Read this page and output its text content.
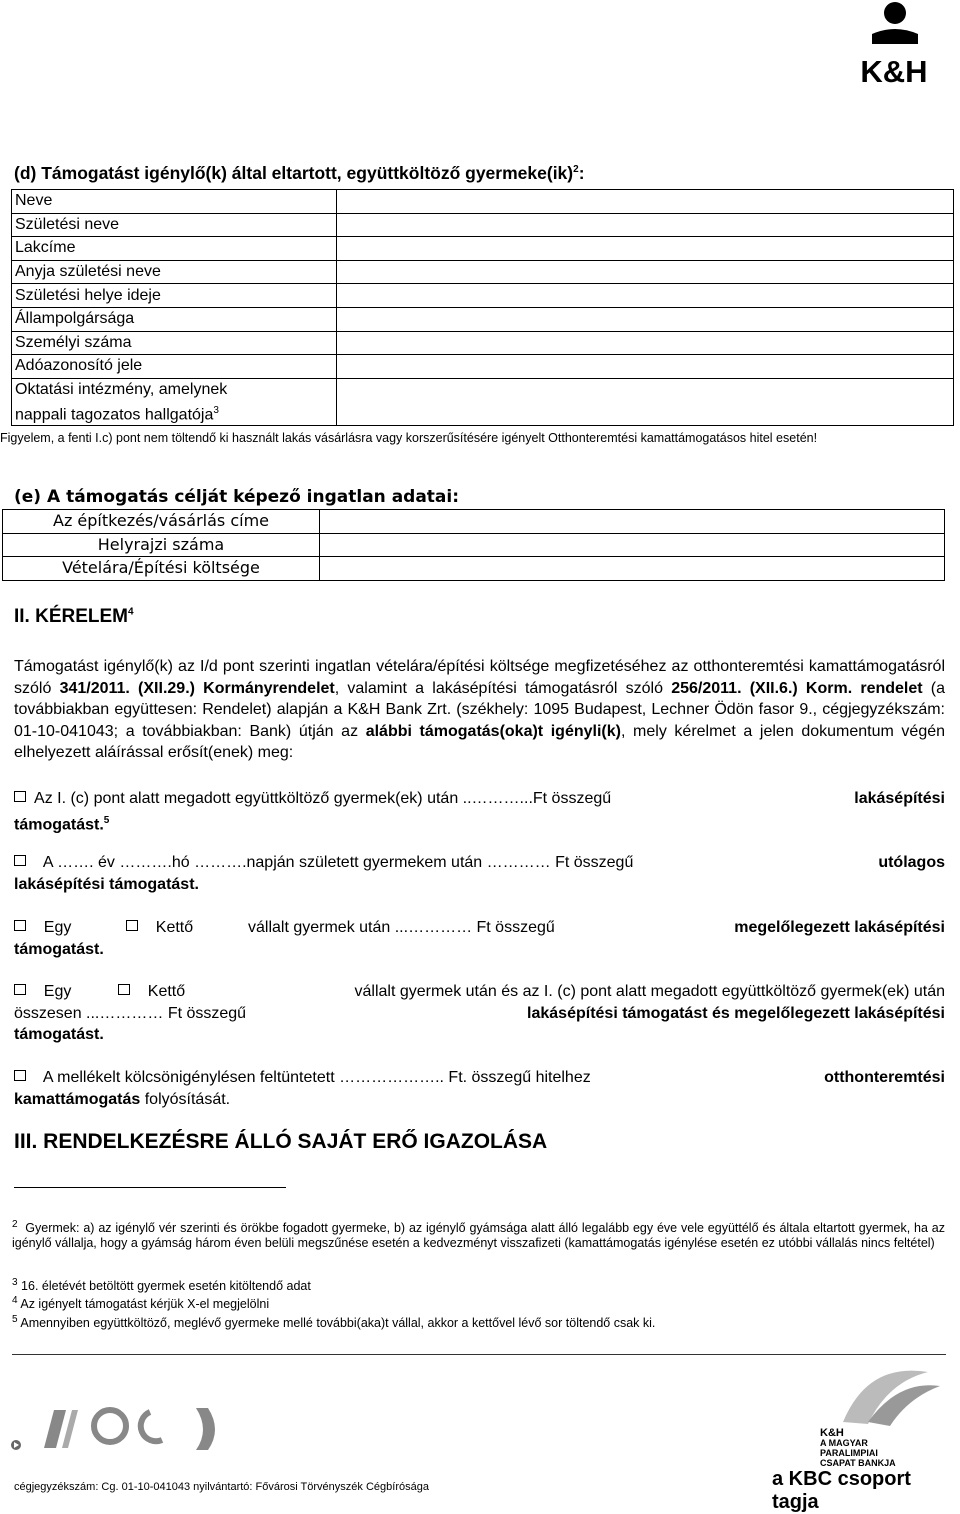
K&H
(d) Támogatást igénylő(k) által eltartott, együttköltöző gyermeke(ik)$^2$:
Neve	
Születési neve	
Lakcíme	
Anyja születési neve	
Születési helye ideje	
Állampolgársága	
Személyi száma	
Adóazonosító jele	
Oktatási intézmény, amelynek
nappali tagozatos hallgatója$^3$	
Figyelem, a fenti I.c) pont nem töltendő ki használt lakás vásárlásra vagy korszerűsítésére igényelt Otthonteremtési kamattámogatásos hitel esetén!
(e) A támogatás célját képező ingatlan adatai:
Az építkezés/vásárlás címe	
Helyrajzi száma	
Vételára/Építési költsége	
II. KÉRELEM$^4$
Támogatást igénylő(k) az I/d pont szerinti ingatlan vételára/építési költsége megfizetéséhez az otthonteremtési kamattámogatásról szóló 341/2011. (XII.29.) Kormányrendelet, valamint a lakásépítési támogatásról szóló 256/2011. (XII.6.) Korm. rendelet (a továbbiakban együttesen: Rendelet) alapján a K&H Bank Zrt. (székhely: 1095 Budapest, Lechner Ödön fasor 9., cégjegyzékszám: 01-10-041043; a továbbiakban: Bank) útján az alábbi támogatás(oka)t igényli(k), mely kérelmet a jelen dokumentum végén elhelyezett aláírással erősít(enek) meg:
Az I. (c) pont alatt megadott együttköltöző gyermek(ek) után ..………...Ft összegű	lakásépítési
támogatást.$^5$
A ……. év ……….hó ……….napján született gyermekem után ………… Ft összegű	utólagos
lakásépítési támogatást.
Egy	Kettő	vállalt gyermek után ...………… Ft összegű	megelőlegezett lakásépítési
támogatást.
Egy	Kettő	vállalt gyermek után és az I. (c) pont alatt megadott együttköltöző gyermek(ek) után
összesen ...………… Ft összegű	lakásépítési támogatást és megelőlegezett lakásépítési
támogatást.
A mellékelt kölcsönigénylésen feltüntetett ……………….. Ft. összegű hitelhez	otthonteremtési
kamattámogatás folyósítását.
III. RENDELKEZÉSRE ÁLLÓ SAJÁT ERŐ IGAZOLÁSA
$^2$ Gyermek: a) az igénylő vér szerinti és örökbe fogadott gyermeke, b) az igénylő gyámsága alatt álló legalább egy éve vele együttélő és általa eltartott gyermek, ha az igénylő vállalja, hogy a gyámság három éven belüli megszűnése esetén a kedvezményt visszafizeti (kamattámogatás igénylése esetén ez utóbbi vállalás nincs feltétel)
$^3$ 16. életévét betöltött gyermek esetén kitöltendő adat
$^4$ Az igényelt támogatást kérjük X-el megjelölni
$^5$ Amennyiben együttköltöző, meglévő gyermeke mellé további(aka)t vállal, akkor a kettővel lévő sor töltendő csak ki.
K&H
A MAGYAR
PARALIMPIAI
CSAPAT BANKJA
cégjegyzékszám: Cg. 01-10-041043 nyilvántartó: Fővárosi Törvényszék Cégbírósága	a KBC csoport tagja
